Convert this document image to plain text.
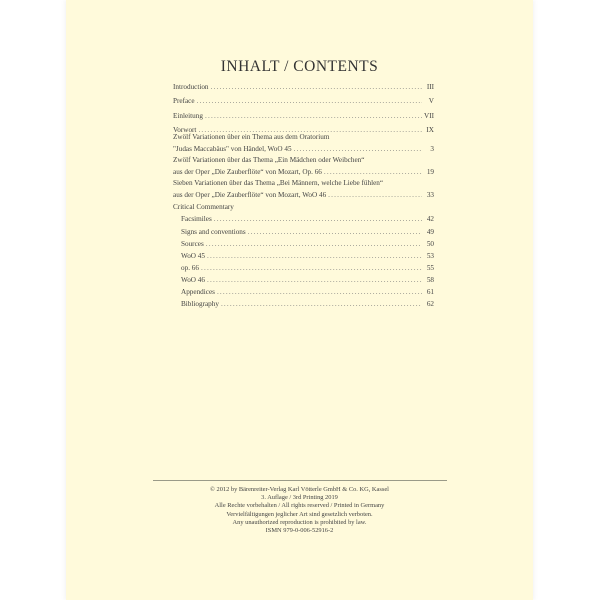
INHALT / CONTENTS
Introduction .....	III
Preface .....	V
Einleitung .....	VII
Vorwort .....	IX
Zwölf Variationen über ein Thema aus dem Oratorium
"Judas Maccabäus" von Händel, WoO 45 .....	3
Zwölf Variationen über das Thema „Ein Mädchen oder Weibchen“
aus der Oper „Die Zauberflöte“ von Mozart, Op. 66 .....	19
Sieben Variationen über das Thema „Bei Männern, welche Liebe fühlen“
aus der Oper „Die Zauberflöte“ von Mozart, WoO 46 .....	33
Critical Commentary
Facsimiles .....	42
Signs and conventions .....	49
Sources .....	50
WoO 45 .....	53
op. 66 .....	55
WoO 46 .....	58
Appendices .....	61
Bibliography .....	62
© 2012 by Bärenreiter-Verlag Karl Vötterle GmbH & Co. KG, Kassel
3. Auflage / 3rd Printing 2019
Alle Rechte vorbehalten / All rights reserved / Printed in Germany
Vervielfältigungen jeglicher Art sind gesetzlich verboten.
Any unauthorized reproduction is prohibited by law.
ISMN 979-0-006-52916-2
